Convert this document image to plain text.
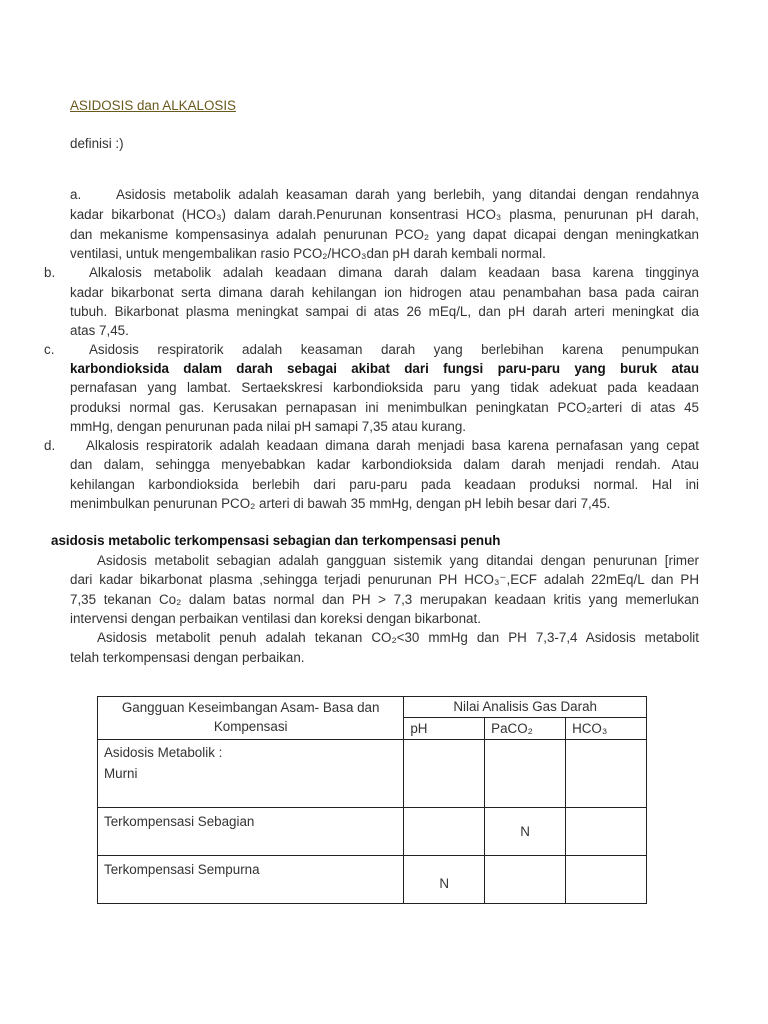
ASIDOSIS dan ALKALOSIS
definisi :)
a.	Asidosis metabolik adalah keasaman darah yang berlebih, yang ditandai dengan rendahnya
kadar bikarbonat (HCO₃) dalam darah.Penurunan konsentrasi HCO₃ plasma, penurunan pH darah,
dan mekanisme kompensasinya adalah penurunan PCO₂ yang dapat dicapai dengan meningkatkan
ventilasi, untuk mengembalikan rasio PCO₂/HCO₃dan pH darah kembali normal.
b.	Alkalosis metabolik adalah keadaan dimana darah dalam keadaan basa karena tingginya
kadar bikarbonat serta dimana darah kehilangan ion hidrogen atau penambahan basa pada cairan
tubuh. Bikarbonat plasma meningkat sampai di atas 26 mEq/L, dan pH darah arteri meningkat dia
atas 7,45.
c.	Asidosis respiratorik adalah keasaman darah yang berlebihan karena penumpukan
karbondioksida dalam darah sebagai akibat dari fungsi paru-paru yang buruk atau
pernafasan yang lambat. Sertaekskresi karbondioksida paru yang tidak adekuat pada keadaan
produksi normal gas. Kerusakan pernapasan ini menimbulkan peningkatan PCO₂arteri di atas 45
mmHg, dengan penurunan pada nilai pH samapi 7,35 atau kurang.
d. Alkalosis respiratorik adalah keadaan dimana darah menjadi basa karena pernafasan yang cepat
dan dalam, sehingga menyebabkan kadar karbondioksida dalam darah menjadi rendah. Atau
kehilangan karbondioksida berlebih dari paru-paru pada keadaan produksi normal. Hal ini
menimbulkan penurunan PCO₂ arteri di bawah 35 mmHg, dengan pH lebih besar dari 7,45.
asidosis metabolic terkompensasi sebagian dan terkompensasi penuh
Asidosis metabolit sebagian adalah gangguan sistemik yang ditandai dengan penurunan [rimer
dari kadar bikarbonat plasma ,sehingga terjadi penurunan PH HCO₃⁻,ECF adalah 22mEq/L dan PH
7,35 tekanan Co₂ dalam batas normal dan PH > 7,3 merupakan keadaan kritis yang memerlukan
intervensi dengan perbaikan ventilasi dan koreksi dengan bikarbonat.
Asidosis metabolit penuh adalah tekanan CO₂<30 mmHg dan PH 7,3-7,4 Asidosis metabolit
telah terkompensasi dengan perbaikan.
Gangguan Keseimbangan Asam- Basa dan Kompensasi	Nilai Analisis Gas Darah		

	pH	PaCO₂	HCO₃

Asidosis Metabolik :
Murni			

Terkompensasi Sebagian		N	

Terkompensasi Sempurna	N		
